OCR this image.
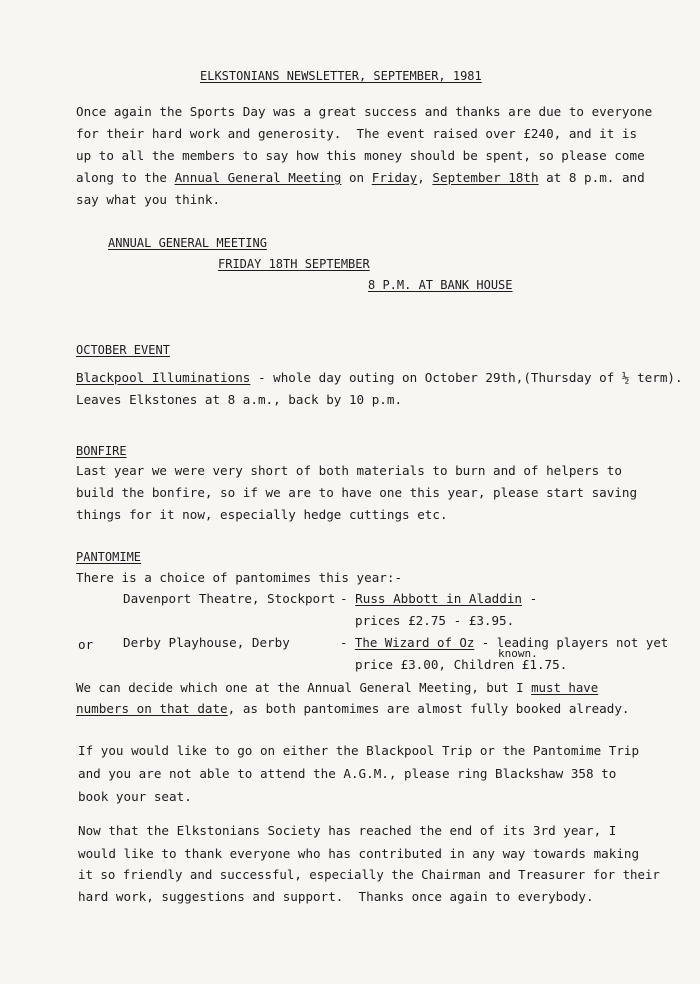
ELKSTONIANS NEWSLETTER, SEPTEMBER, 1981
Once again the Sports Day was a great success and thanks are due to everyone
for their hard work and generosity.  The event raised over £240, and it is
up to all the members to say how this money should be spent, so please come
along to the Annual General Meeting on Friday, September 18th at 8 p.m. and
say what you think.
ANNUAL GENERAL MEETING
FRIDAY 18TH SEPTEMBER
8 P.M. AT BANK HOUSE
OCTOBER EVENT
Blackpool Illuminations - whole day outing on October 29th,(Thursday of ½ term).
Leaves Elkstones at 8 a.m., back by 10 p.m.
BONFIRE
Last year we were very short of both materials to burn and of helpers to
build the bonfire, so if we are to have one this year, please start saving
things for it now, especially hedge cuttings etc.
PANTOMIME
There is a choice of pantomimes this year:-
Davenport Theatre, Stockport - Russ Abbott in Aladdin -
prices £2.75 - £3.95.
or Derby Playhouse, Derby	- The Wizard of Oz - leading players not yet
known.
price £3.00, Children £1.75.
We can decide which one at the Annual General Meeting, but I must have
numbers on that date, as both pantomimes are almost fully booked already.
If you would like to go on either the Blackpool Trip or the Pantomime Trip
and you are not able to attend the A.G.M., please ring Blackshaw 358 to
book your seat.
Now that the Elkstonians Society has reached the end of its 3rd year, I
would like to thank everyone who has contributed in any way towards making
it so friendly and successful, especially the Chairman and Treasurer for their
hard work, suggestions and support.  Thanks once again to everybody.
